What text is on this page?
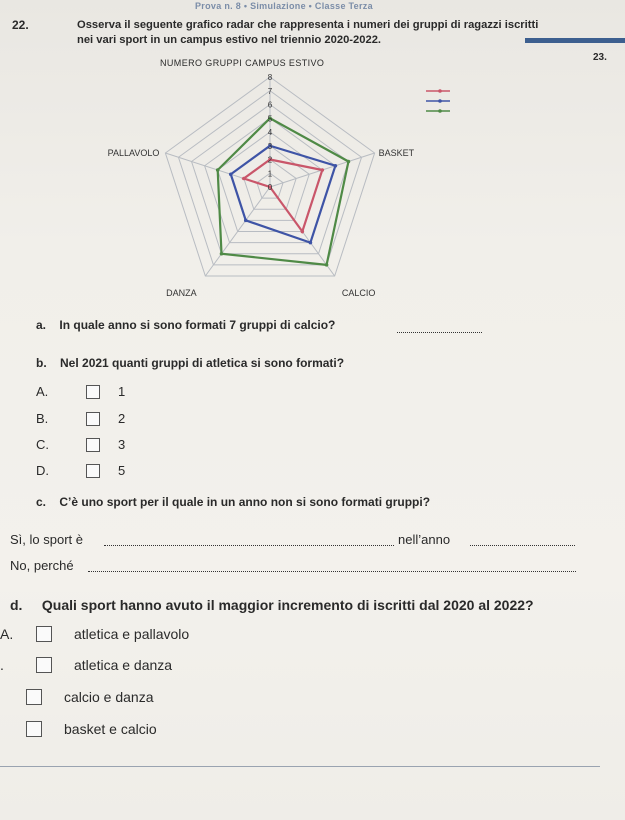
Prova n. 8 • Simulazione • Classe Terza
22.	Osserva il seguente grafico radar che rappresenta i numeri dei gruppi di ragazzi iscritti nei vari sport in un campus estivo nel triennio 2020-2022.
23.
NUMERO GRUPPI CAMPUS ESTIVO
0
1
2
3
4
5
6
7
8
BASKET
CALCIO
DANZA
PALLAVOLO
a. In quale anno si sono formati 7 gruppi di calcio?
b. Nel 2021 quanti gruppi di atletica si sono formati?
A.	1
B.	2
C.	3
D.	5
c. C’è uno sport per il quale in un anno non si sono formati gruppi?
Sì, lo sport è	nell’anno
No, perché
d. Quali sport hanno avuto il maggior incremento di iscritti dal 2020 al 2022?
A.	atletica e pallavolo
.	atletica e danza
calcio e danza
basket e calcio
